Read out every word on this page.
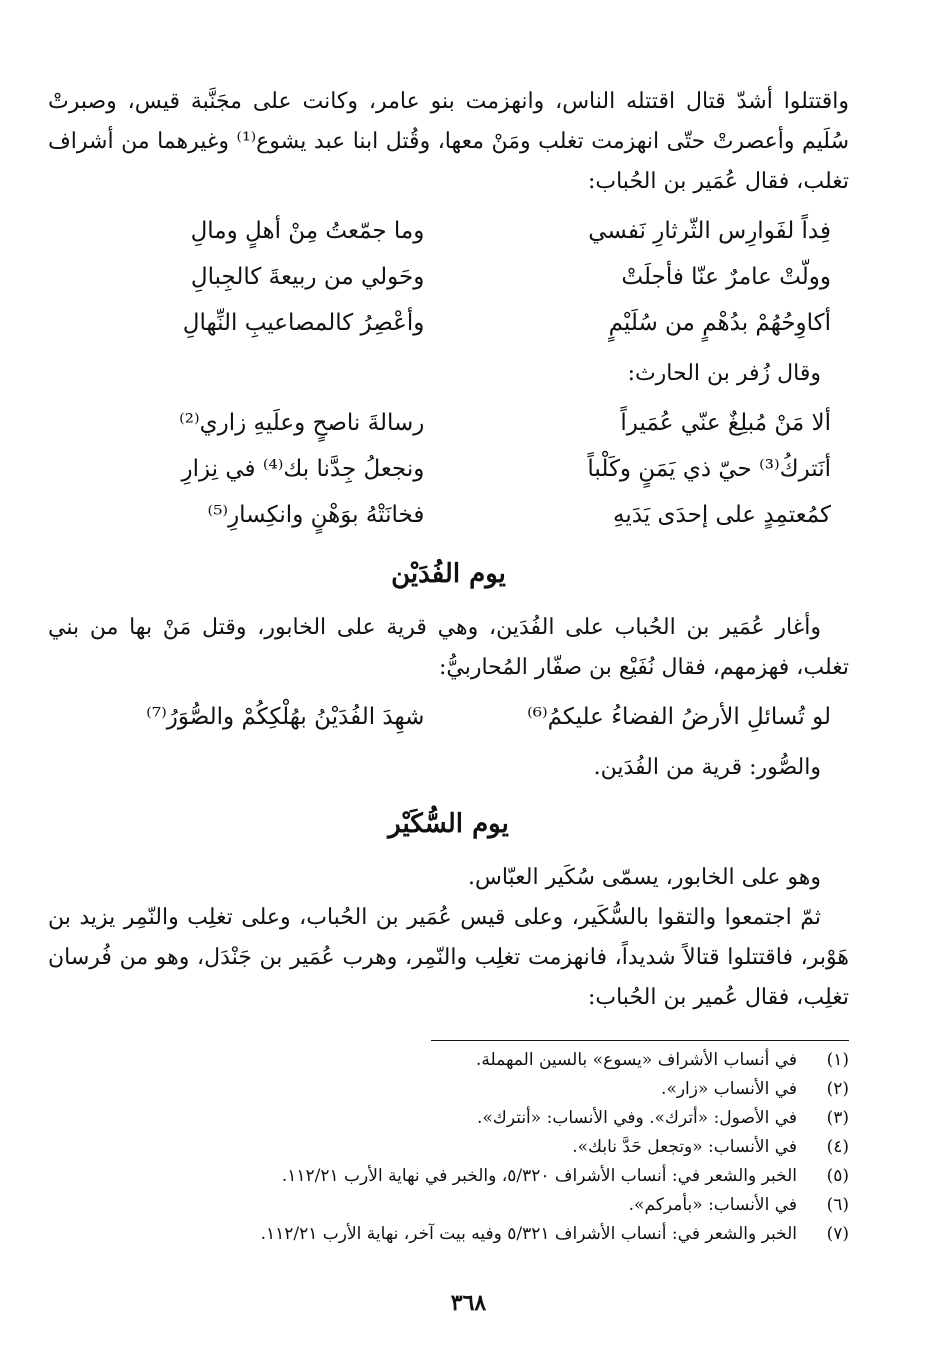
واقتتلوا أشدّ قتال اقتتله الناس، وانهزمت بنو عامر، وكانت على مجَنَّبة قيس، وصبرتْ سُلَيم وأعصرتْ حتّى انهزمت تغلب ومَنْ معها، وقُتل ابنا عبد يشوع⁽¹⁾ وغيرهما من أشراف تغلب، فقال عُمَير بن الحُباب:

فِداً لفَوارِس الثّرثارِ نَفسي
وما جمّعتُ مِنْ أهلٍ ومالِ
وولّتْ عامرٌ عنّا فأجلَتْ
وحَولي من ربيعةَ كالجِبالِ
أكاوِحُهُمْ بدُهْمٍ من سُلَيْمٍ
وأعْصِرُ كالمصاعيبِ النِّهالِ

وقال زُفر بن الحارث:

ألا مَنْ مُبلِغٌ عنّي عُمَيراً
رسالةَ ناصحٍ وعلَيهِ زاري⁽²⁾
أنَتركُ⁽³⁾ حيّ ذي يَمَنٍ وكَلْباً
ونجعلُ جِدَّنا بك⁽⁴⁾ في نِزارِ
كمُعتمِدٍ على إحدَى يَدَيهِ
فخانَتْهُ بوَهْنٍ وانكِسارِ⁽⁵⁾
يوم الفُدَيْن

وأغار عُمَير بن الحُباب على الفُدَين، وهي قرية على الخابور، وقتل مَنْ بها من بني تغلب، فهزمهم، فقال نُفَيْع بن صفّار المُحاربيُّ:

لو تُسائلِ الأرضُ الفضاءُ عليكمُ⁽⁶⁾
شهِدَ الفُدَيْنُ بهُلْكِكُمْ والصُّوَرُ⁽⁷⁾

والصُّور: قرية من الفُدَين.

يوم السُّكَيْر

وهو على الخابور، يسمّى سُكَير العبّاس.

ثمّ اجتمعوا والتقوا بالسُّكَير، وعلى قيس عُمَير بن الحُباب، وعلى تغلِب والنّمِر يزيد بن هَوْبر، فاقتتلوا قتالاً شديداً، فانهزمت تغلِب والنّمِر، وهرب عُمَير بن جَنْدَل، وهو من فُرسان تغلِب، فقال عُمير بن الحُباب:

(١)
في أنساب الأشراف «يسوع» بالسين المهملة.
(٢)
في الأنساب «زار».
(٣)
في الأصول: «أترك». وفي الأنساب: «أنترك».
(٤)
في الأنساب: «وتجعل حَدَّ نابك».
(٥)
الخبر والشعر في: أنساب الأشراف ٥/٣٢٠، والخبر في نهاية الأرب ١١٢/٢١.
(٦)
في الأنساب: «بأمركم».
(٧)
الخبر والشعر في: أنساب الأشراف ٥/٣٢١ وفيه بيت آخر، نهاية الأرب ١١٢/٢١.
٣٦٨
